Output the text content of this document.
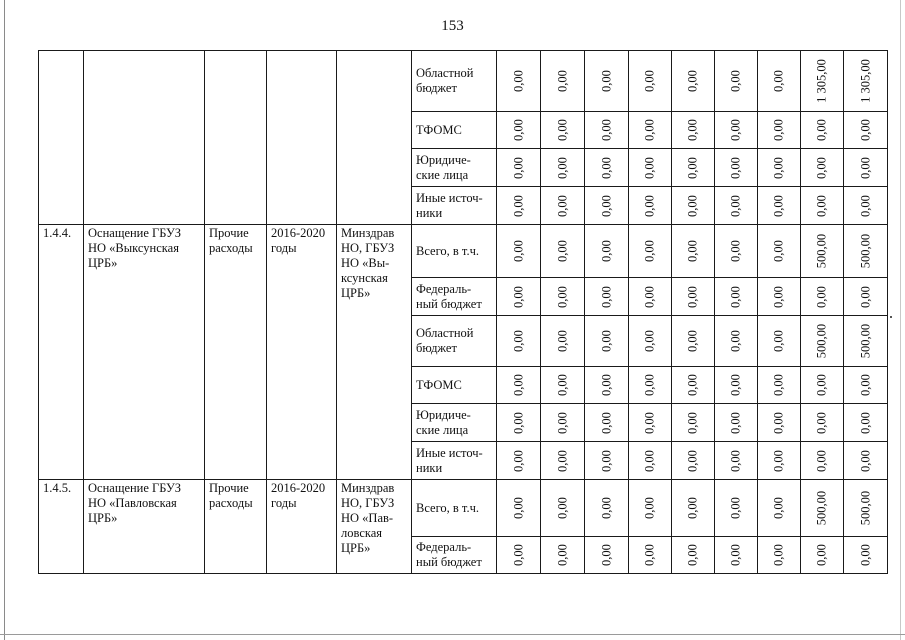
153
					Областной бюджет	0,00	0,00	0,00	0,00	0,00	0,00	0,00	1 305,00	1 305,00

					ТФОМС	0,00	0,00	0,00	0,00	0,00	0,00	0,00	0,00	0,00

					Юридиче-ские лица	0,00	0,00	0,00	0,00	0,00	0,00	0,00	0,00	0,00

					Иные источ-ники	0,00	0,00	0,00	0,00	0,00	0,00	0,00	0,00	0,00

1.4.4.	Оснащение ГБУЗ НО «Выксунская ЦРБ»	Прочие расходы	2016-2020 годы	Минздрав НО, ГБУЗ НО «Вы-ксунская ЦРБ»	Всего, в т.ч.	0,00	0,00	0,00	0,00	0,00	0,00	0,00	500,00	500,00

					Федераль-ный бюджет	0,00	0,00	0,00	0,00	0,00	0,00	0,00	0,00	0,00

					Областной бюджет	0,00	0,00	0,00	0,00	0,00	0,00	0,00	500,00	500,00

					ТФОМС	0,00	0,00	0,00	0,00	0,00	0,00	0,00	0,00	0,00

					Юридиче-ские лица	0,00	0,00	0,00	0,00	0,00	0,00	0,00	0,00	0,00

					Иные источ-ники	0,00	0,00	0,00	0,00	0,00	0,00	0,00	0,00	0,00

1.4.5.	Оснащение ГБУЗ НО «Павловская ЦРБ»	Прочие расходы	2016-2020 годы	Минздрав НО, ГБУЗ НО «Пав-ловская ЦРБ»	Всего, в т.ч.	0,00	0,00	0,00	0,00	0,00	0,00	0,00	500,00	500,00

					Федераль-ный бюджет	0,00	0,00	0,00	0,00	0,00	0,00	0,00	0,00	0,00
